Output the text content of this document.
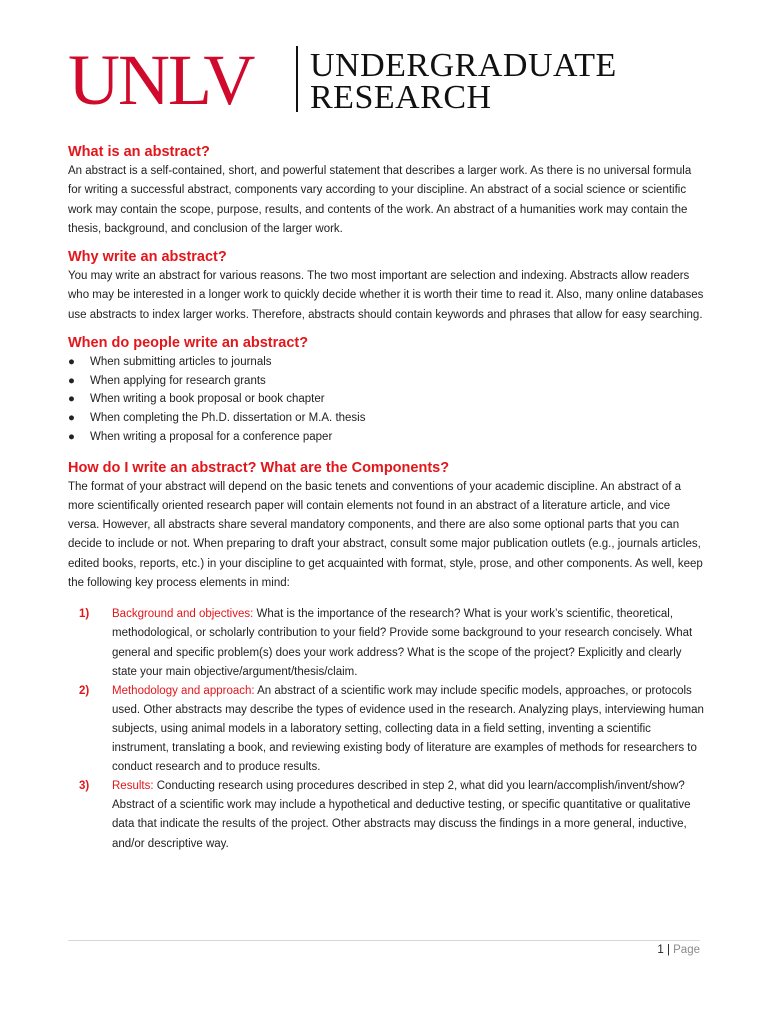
UNLV UNDERGRADUATE
RESEARCH
What is an abstract?

An abstract is a self-contained, short, and powerful statement that describes a larger work. As there is no universal formula for writing a successful abstract, components vary according to your discipline. An abstract of a social science or scientific work may contain the scope, purpose, results, and contents of the work. An abstract of a humanities work may contain the thesis, background, and conclusion of the larger work.

Why write an abstract?

You may write an abstract for various reasons. The two most important are selection and indexing. Abstracts allow readers who may be interested in a longer work to quickly decide whether it is worth their time to read it. Also, many online databases use abstracts to index larger works. Therefore, abstracts should contain keywords and phrases that allow for easy searching.

When do people write an abstract?
● When submitting articles to journals
● When applying for research grants
● When writing a book proposal or book chapter
● When completing the Ph.D. dissertation or M.A. thesis
● When writing a proposal for a conference paper
How do I write an abstract? What are the Components?

The format of your abstract will depend on the basic tenets and conventions of your academic discipline. An abstract of a more scientifically oriented research paper will contain elements not found in an abstract of a literature article, and vice versa. However, all abstracts share several mandatory components, and there are also some optional parts that you can decide to include or not. When preparing to draft your abstract, consult some major publication outlets (e.g., journals articles, edited books, reports, etc.) in your discipline to get acquainted with format, style, prose, and other components. As well, keep the following key process elements in mind:

1) Background and objectives: What is the importance of the research? What is your work’s scientific, theoretical, methodological, or scholarly contribution to your field? Provide some background to your research concisely. What general and specific problem(s) does your work address? What is the scope of the project? Explicitly and clearly state your main objective/argument/thesis/claim.
2) Methodology and approach: An abstract of a scientific work may include specific models, approaches, or protocols used. Other abstracts may describe the types of evidence used in the research. Analyzing plays, interviewing human subjects, using animal models in a laboratory setting, collecting data in a field setting, inventing a scientific instrument, translating a book, and reviewing existing body of literature are examples of methods for researchers to conduct research and to produce results.
3) Results: Conducting research using procedures described in step 2, what did you learn/accomplish/invent/show? Abstract of a scientific work may include a hypothetical and deductive testing, or specific quantitative or qualitative data that indicate the results of the project. Other abstracts may discuss the findings in a more general, inductive, and/or descriptive way.
1 | Page
